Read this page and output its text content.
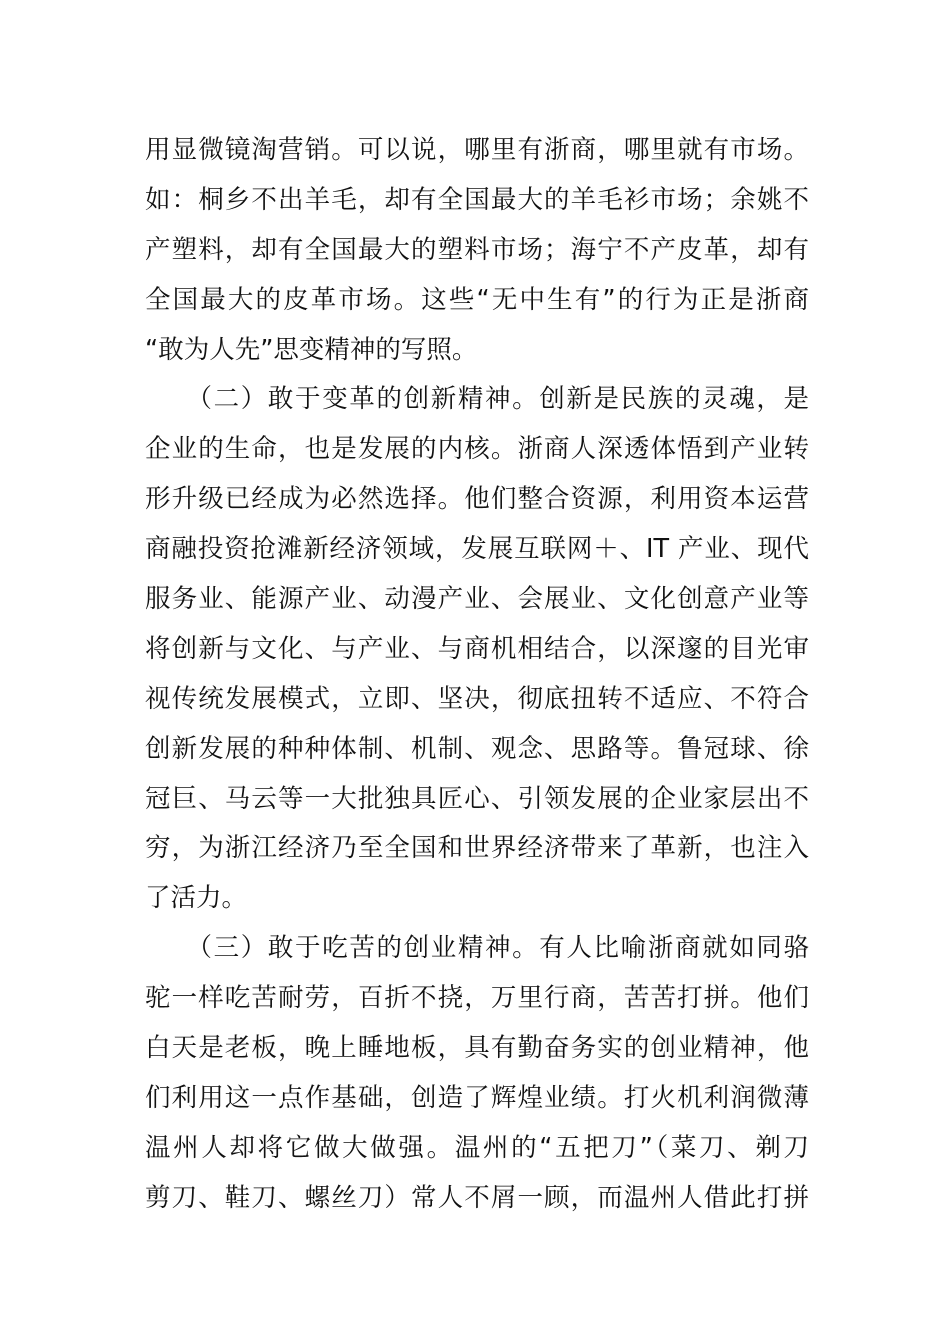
用显微镜淘营销。可以说，哪里有浙商，哪里就有市场。
如：桐乡不出羊毛，却有全国最大的羊毛衫市场；余姚不
产塑料，却有全国最大的塑料市场；海宁不产皮革，却有
全国最大的皮革市场。这些“无中生有”的行为正是浙商
“敢为人先”思变精神的写照。
　　（二）敢于变革的创新精神。创新是民族的灵魂，是
企业的生命，也是发展的内核。浙商人深透体悟到产业转
形升级已经成为必然选择。他们整合资源，利用资本运营
商融投资抢滩新经济领域，发展互联网＋、IT 产业、现代
服务业、能源产业、动漫产业、会展业、文化创意产业等
将创新与文化、与产业、与商机相结合，以深邃的目光审
视传统发展模式，立即、坚决，彻底扭转不适应、不符合
创新发展的种种体制、机制、观念、思路等。鲁冠球、徐
冠巨、马云等一大批独具匠心、引领发展的企业家层出不
穷，为浙江经济乃至全国和世界经济带来了革新，也注入
了活力。
　　（三）敢于吃苦的创业精神。有人比喻浙商就如同骆
驼一样吃苦耐劳，百折不挠，万里行商，苦苦打拼。他们
白天是老板，晚上睡地板，具有勤奋务实的创业精神，他
们利用这一点作基础，创造了辉煌业绩。打火机利润微薄
温州人却将它做大做强。温州的“五把刀”（菜刀、剃刀
剪刀、鞋刀、螺丝刀）常人不屑一顾，而温州人借此打拼
